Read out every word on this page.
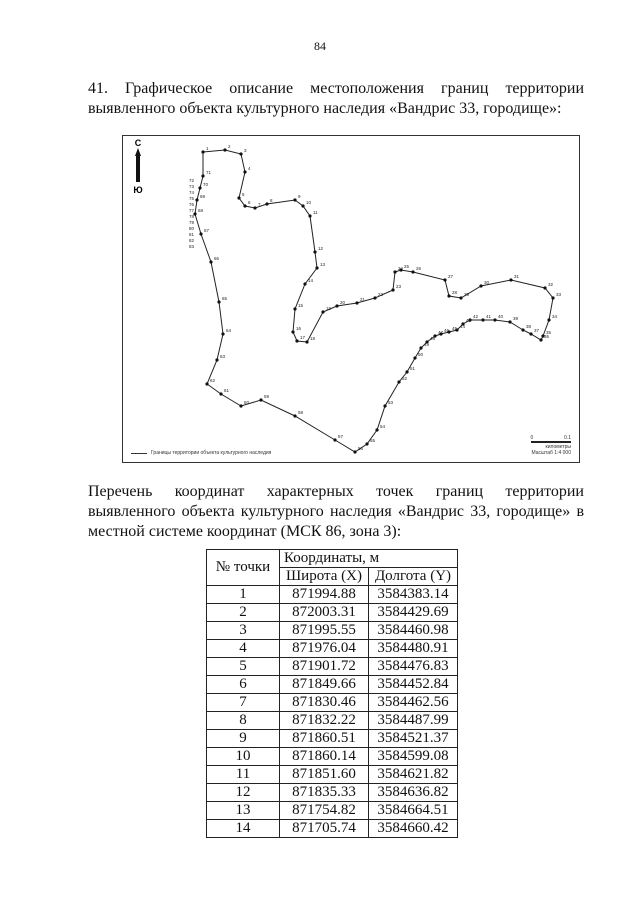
84
41. Графическое описание местоположения границ территории
выявленного объекта культурного наследия «Вандрис 33, городище»:
С
Ю
1	2
3
4
5
6 7
8
9
10
11
12
13
14
15
16
17 18
19
20
21
22
23
24 25 26
27
28 29
30
31
32
33
34
35
36
37
38
39
40
41
42
43
44
45
46
47
48
49
50
51
52
53
54
55
56
57
58
59
60
61
62
63
64
65
66
67
68
69
70
71
72
73
74
75
76
77
78
79
80
81
82
83
Границы территории объекта культурного наследия
0	0.1
километры
Масштаб 1:4 000
Перечень координат характерных точек границ территории
выявленного объекта культурного наследия «Вандрис 33, городище» в
местной системе координат (МСК 86, зона 3):
№ точки	Координаты, м	
	Широта (X)	Долгота (Y)
1	871994.88	3584383.14
2	872003.31	3584429.69
3	871995.55	3584460.98
4	871976.04	3584480.91
5	871901.72	3584476.83
6	871849.66	3584452.84
7	871830.46	3584462.56
8	871832.22	3584487.99
9	871860.51	3584521.37
10	871860.14	3584599.08
11	871851.60	3584621.82
12	871835.33	3584636.82
13	871754.82	3584664.51
14	871705.74	3584660.42
